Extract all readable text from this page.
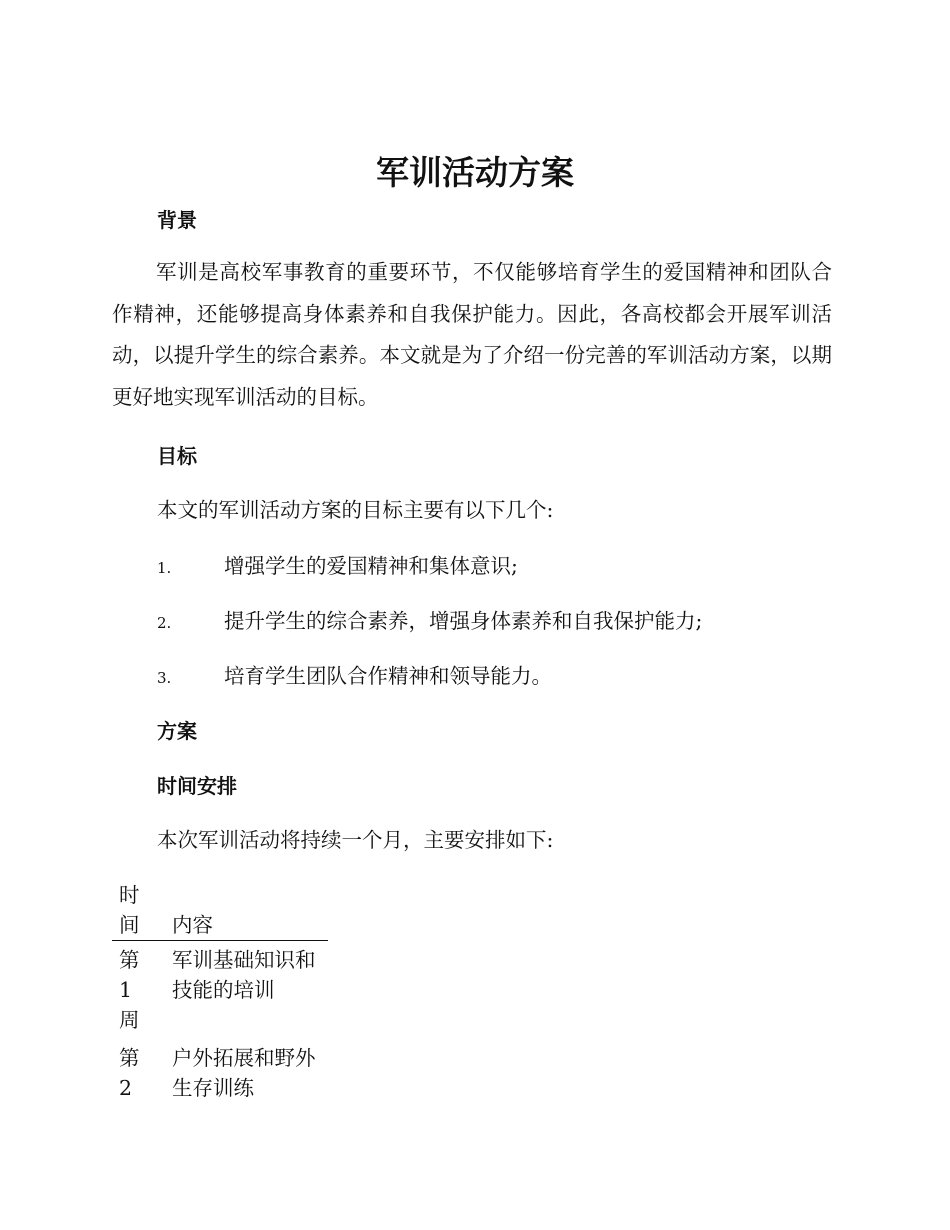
军训活动方案
背景

军训是高校军事教育的重要环节，不仅能够培育学生的爱国精神和团队合作精神，还能够提高身体素养和自我保护能力。因此，各高校都会开展军训活动，以提升学生的综合素养。本文就是为了介绍一份完善的军训活动方案，以期更好地实现军训活动的目标。

目标

本文的军训活动方案的目标主要有以下几个:

1.	增强学生的爱国精神和集体意识;

2.	提升学生的综合素养，增强身体素养和自我保护能力;

3.	培育学生团队合作精神和领导能力。

方案
时间安排

本次军训活动将持续一个月，主要安排如下:

时间	内容

第1周	军训基础知识和技能的培训

第2	户外拓展和野外生存训练
